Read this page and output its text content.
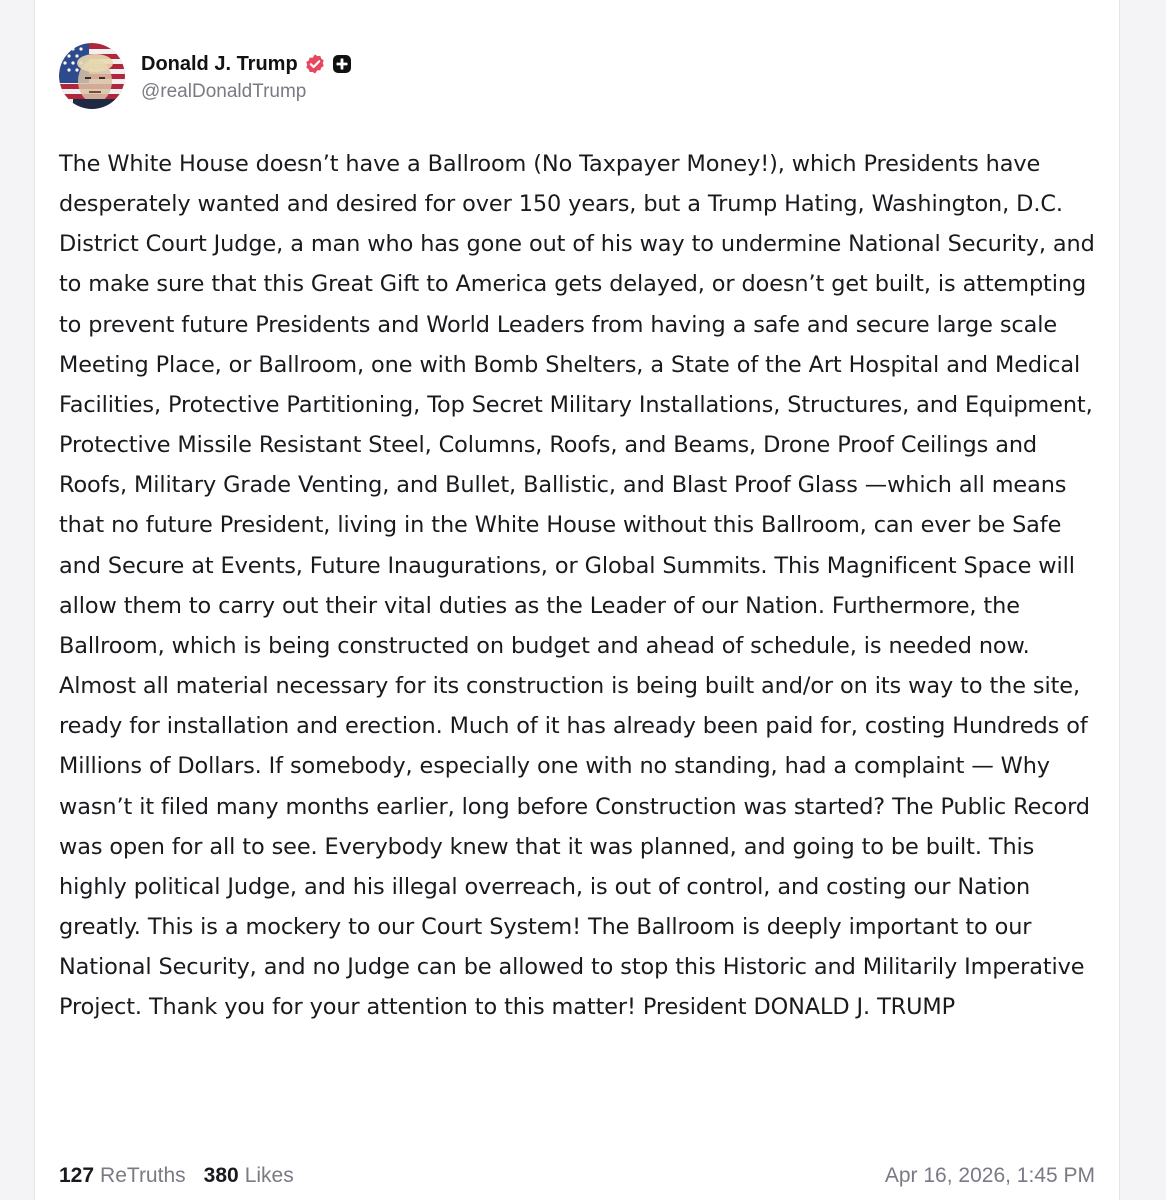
Donald J. Trump
@realDonaldTrump

The White House doesn’t have a Ballroom (No Taxpayer Money!), which Presidents have desperately wanted and desired for over 150 years, but a Trump Hating, Washington, D.C. District Court Judge, a man who has gone out of his way to undermine National Security, and to make sure that this Great Gift to America gets delayed, or doesn’t get built, is attempting to prevent future Presidents and World Leaders from having a safe and secure large scale Meeting Place, or Ballroom, one with Bomb Shelters, a State of the Art Hospital and Medical Facilities, Protective Partitioning, Top Secret Military Installations, Structures, and Equipment, Protective Missile Resistant Steel, Columns, Roofs, and Beams, Drone Proof Ceilings and Roofs, Military Grade Venting, and Bullet, Ballistic, and Blast Proof Glass —which all means that no future President, living in the White House without this Ballroom, can ever be Safe and Secure at Events, Future Inaugurations, or Global Summits. This Magnificent Space will allow them to carry out their vital duties as the Leader of our Nation. Furthermore, the Ballroom, which is being constructed on budget and ahead of schedule, is needed now. Almost all material necessary for its construction is being built and/or on its way to the site, ready for installation and erection. Much of it has already been paid for, costing Hundreds of Millions of Dollars. If somebody, especially one with no standing, had a complaint — Why wasn’t it filed many months earlier, long before Construction was started? The Public Record was open for all to see. Everybody knew that it was planned, and going to be built. This highly political Judge, and his illegal overreach, is out of control, and costing our Nation greatly. This is a mockery to our Court System! The Ballroom is deeply important to our National Security, and no Judge can be allowed to stop this Historic and Militarily Imperative Project. Thank you for your attention to this matter! President DONALD J. TRUMP

127 ReTruths 380 Likes	Apr 16, 2026, 1:45 PM
